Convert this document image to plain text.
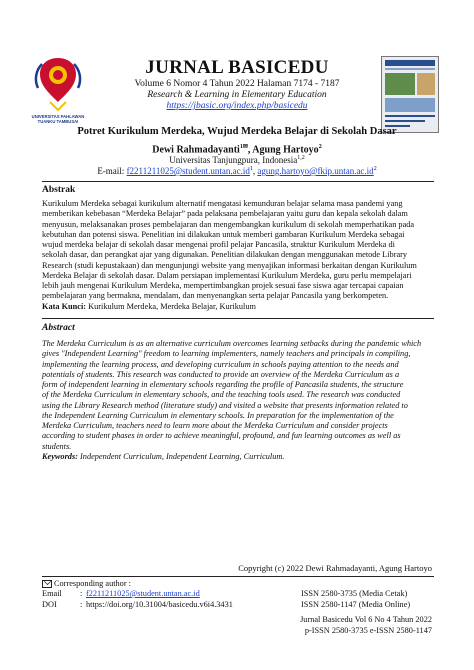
UNIVERSITAS PAHLAWAN
TUANKU TAMBUSAI
JURNAL BASICEDU
Volume 6 Nomor 4 Tahun 2022 Halaman 7174 - 7187
Research & Learning in Elementary Education
https://jbasic.org/index.php/basicedu
Potret Kurikulum Merdeka, Wujud Merdeka Belajar di Sekolah Dasar
Dewi Rahmadayanti$^{1✉}$, Agung Hartoyo$^2$
Universitas Tanjungpura, Indonesia$^{1,2}$
E-mail: $f2211211025@student.untan.ac.id^1$, $agung.hartoyo@fkip.untan.ac.id^2$
Abstrak
Kurikulum Merdeka sebagai kurikulum alternatif mengatasi kemunduran belajar selama masa pandemi yang
memberikan kebebasan “Merdeka Belajar” pada pelaksana pembelajaran yaitu guru dan kepala sekolah dalam
menyusun, melaksanakan proses pembelajaran dan mengembangkan kurikulum di sekolah memperhatikan pada
kebutuhan dan potensi siswa. Penelitian ini dilakukan untuk memberi gambaran Kurikulum Merdeka sebagai
wujud merdeka belajar di sekolah dasar mengenai profil pelajar Pancasila, struktur Kurikulum Merdeka di
sekolah dasar, dan perangkat ajar yang digunakan. Penelitian dilakukan dengan menggunakan metode Library
Research (studi kepustakaan) dan mengunjungi website yang menyajikan informasi berkaitan dengan Kurikulum
Merdeka Belajar di sekolah dasar. Dalam persiapan implementasi Kurikulum Merdeka, guru perlu mempelajari
lebih jauh mengenai Kurikulum Merdeka, mempertimbangkan projek sesuai fase siswa agar tercapai capaian
pembelajaran yang bermakna, mendalam, dan menyenangkan serta pelajar Pancasila yang berkompeten.
Kata Kunci: Kurikulum Merdeka, Merdeka Belajar, Kurikulum
Abstract
The Merdeka Curriculum is as an alternative curriculum overcomes learning setbacks during the pandemic which
gives "Independent Learning" freedom to learning implementers, namely teachers and principals in compiling,
implementing the learning process, and developing curriculum in schools paying attention to the needs and
potentials of students. This research was conducted to provide an overview of the Merdeka Curriculum as a
form of independent learning in elementary schools regarding the profile of Pancasila students, the structure
of the Merdeka Curriculum in elementary schools, and the teaching tools used. The research was conducted
using the Library Research method (literature study) and visited a website that presents information related to
the Independent Learning Curriculum in elementary schools. In preparation for the implementation of the
Merdeka Curriculum, teachers need to learn more about the Merdeka Curriculum and consider projects
according to student phases in order to achieve meaningful, profound, and fun learning outcomes as well as
students.
Keywords: Independent Curriculum, Independent Learning, Curriculum.
Copyright (c) 2022 Dewi Rahmadayanti, Agung Hartoyo
Corresponding author :
Email : f2211211025@student.untan.ac.id
DOI	: https://doi.org/10.31004/basicedu.v6i4.3431
ISSN 2580-3735 (Media Cetak)
ISSN 2580-1147 (Media Online)
Jurnal Basicedu Vol 6 No 4 Tahun 2022
p-ISSN 2580-3735 e-ISSN 2580-1147
